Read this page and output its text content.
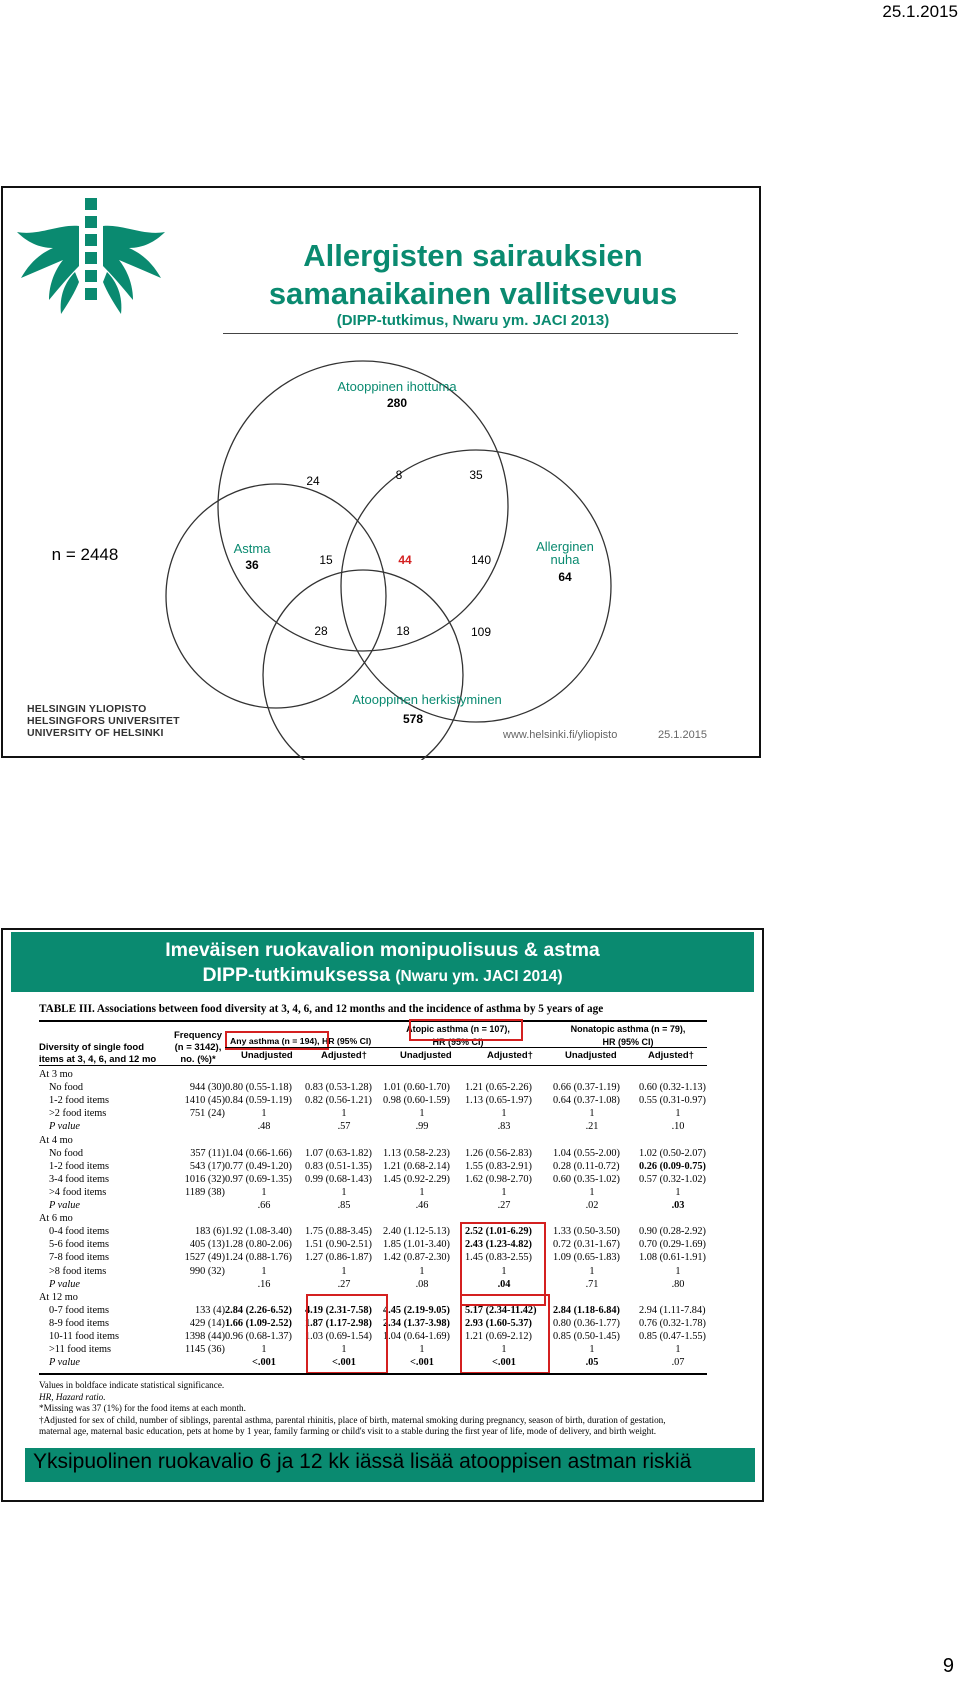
25.1.2015
Allergisten sairauksien
samanaikainen vallitsevuus
(DIPP-tutkimus, Nwaru ym. JACI 2013)
Atooppinen ihottuma
280
24	8	35
Astma
36	15	44	140
Allerginen
nuha
64
28	18	109
Atooppinen herkistyminen
578
n = 2448
HELSINGIN YLIOPISTO
HELSINGFORS UNIVERSITET
UNIVERSITY OF HELSINKI	www.helsinki.fi/yliopisto	25.1.2015
Imeväisen ruokavalion monipuolisuus & astma
DIPP-tutkimuksessa (Nwaru ym. JACI 2014)
TABLE III. Associations between food diversity at 3, 4, 6, and 12 months and the incidence of asthma by 5 years of age
Diversity of single food
items at 3, 4, 6, and 12 mo
Frequency
(n = 3142),
no. (%)*
Any asthma (n = 194), HR (95% CI)
Atopic asthma (n = 107),
HR (95% CI)
Nonatopic asthma (n = 79),
HR (95% CI)
Unadjusted	Adjusted†	Unadjusted	Adjusted†	Unadjusted	Adjusted†
At 3 mo
No food	944 (30) 0.80 (0.55-1.18) 0.83 (0.53-1.28) 1.01 (0.60-1.70) 1.21 (0.65-2.26) 0.66 (0.37-1.19) 0.60 (0.32-1.13)
1-2 food items	1410 (45) 0.84 (0.59-1.19) 0.82 (0.56-1.21) 0.98 (0.60-1.59) 1.13 (0.65-1.97) 0.64 (0.37-1.08) 0.55 (0.31-0.97)
>2 food items	751 (24)	1	1	1	1	1	1
P value	.48	.57	.99	.83	.21	.10
At 4 mo
No food	357 (11) 1.04 (0.66-1.66) 1.07 (0.63-1.82) 1.13 (0.58-2.23) 1.26 (0.56-2.83) 1.04 (0.55-2.00) 1.02 (0.50-2.07)
1-2 food items	543 (17) 0.77 (0.49-1.20) 0.83 (0.51-1.35) 1.21 (0.68-2.14) 1.55 (0.83-2.91) 0.28 (0.11-0.72) 0.26 (0.09-0.75)
3-4 food items	1016 (32) 0.97 (0.69-1.35) 0.99 (0.68-1.43) 1.45 (0.92-2.29) 1.62 (0.98-2.70) 0.60 (0.35-1.02) 0.57 (0.32-1.02)
>4 food items	1189 (38)	1	1	1	1	1	1
P value	.66	.85	.46	.27	.02	.03
At 6 mo
0-4 food items	183 (6) 1.92 (1.08-3.40) 1.75 (0.88-3.45) 2.40 (1.12-5.13) 2.52 (1.01-6.29) 1.33 (0.50-3.50) 0.90 (0.28-2.92)
5-6 food items	405 (13) 1.28 (0.80-2.06) 1.51 (0.90-2.51) 1.85 (1.01-3.40) 2.43 (1.23-4.82) 0.72 (0.31-1.67) 0.70 (0.29-1.69)
7-8 food items	1527 (49) 1.24 (0.88-1.76) 1.27 (0.86-1.87) 1.42 (0.87-2.30) 1.45 (0.83-2.55) 1.09 (0.65-1.83) 1.08 (0.61-1.91)
>8 food items	990 (32)	1	1	1	1	1	1
P value	.16	.27	.08	.04	.71	.80
At 12 mo
0-7 food items	133 (4) 2.84 (2.26-6.52) 4.19 (2.31-7.58) 4.45 (2.19-9.05) 5.17 (2.34-11.42) 2.84 (1.18-6.84) 2.94 (1.11-7.84)
8-9 food items	429 (14) 1.66 (1.09-2.52) 1.87 (1.17-2.98) 2.34 (1.37-3.98) 2.93 (1.60-5.37) 0.80 (0.36-1.77) 0.76 (0.32-1.78)
10-11 food items	1398 (44) 0.96 (0.68-1.37) 1.03 (0.69-1.54) 1.04 (0.64-1.69) 1.21 (0.69-2.12) 0.85 (0.50-1.45) 0.85 (0.47-1.55)
>11 food items	1145 (36)	1	1	1	1	1	1
P value	<.001	<.001	<.001	<.001	.05	.07
Values in boldface indicate statistical significance.
HR, Hazard ratio.
*Missing was 37 (1%) for the food items at each month.
†Adjusted for sex of child, number of siblings, parental asthma, parental rhinitis, place of birth, maternal smoking during pregnancy, season of birth, duration of gestation,
maternal age, maternal basic education, pets at home by 1 year, family farming or child's visit to a stable during the first year of life, mode of delivery, and birth weight.
Yksipuolinen ruokavalio 6 ja 12 kk iässä lisää atooppisen astman riskiä
9
